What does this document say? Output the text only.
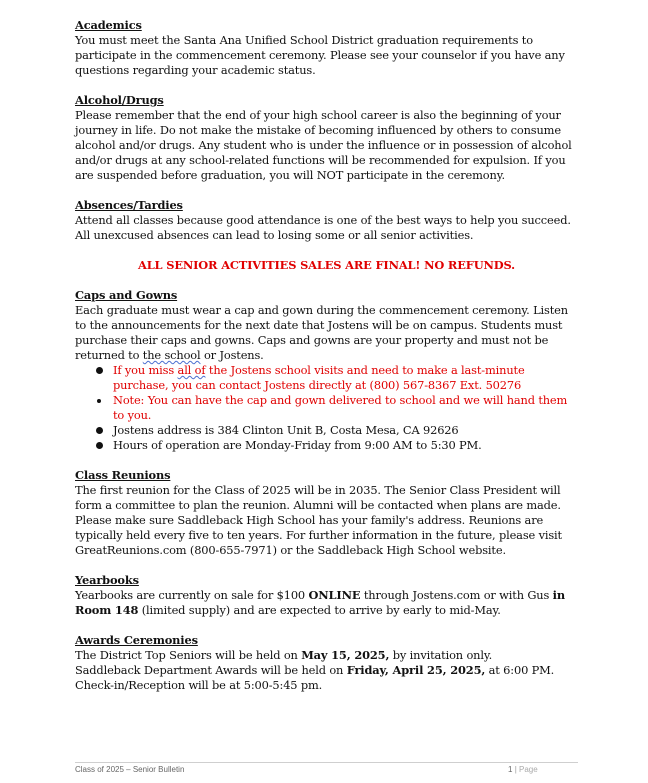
Academics

You must meet the Santa Ana Unified School District graduation requirements to participate in the commencement ceremony. Please see your counselor if you have any questions regarding your academic status.

Alcohol/Drugs

Please remember that the end of your high school career is also the beginning of your journey in life. Do not make the mistake of becoming influenced by others to consume alcohol and/or drugs. Any student who is under the influence or in possession of alcohol and/or drugs at any school-related functions will be recommended for expulsion. If you are suspended before graduation, you will NOT participate in the ceremony.

Absences/Tardies

Attend all classes because good attendance is one of the best ways to help you succeed. All unexcused absences can lead to losing some or all senior activities.

ALL SENIOR ACTIVITIES SALES ARE FINAL! NO REFUNDS.

Caps and Gowns

Each graduate must wear a cap and gown during the commencement ceremony. Listen to the announcements for the next date that Jostens will be on campus. Students must purchase their caps and gowns. Caps and gowns are your property and must not be returned to the school or Jostens.

If you miss all of the Jostens school visits and need to make a last-minute purchase, you can contact Jostens directly at (800) 567-8367 Ext. 50276
Note: You can have the cap and gown delivered to school and we will hand them to you.
Jostens address is 384 Clinton Unit B, Costa Mesa, CA 92626
Hours of operation are Monday-Friday from 9:00 AM to 5:30 PM.
Class Reunions

The first reunion for the Class of 2025 will be in 2035. The Senior Class President will form a committee to plan the reunion. Alumni will be contacted when plans are made. Please make sure Saddleback High School has your family's address. Reunions are typically held every five to ten years. For further information in the future, please visit GreatReunions.com (800-655-7971) or the Saddleback High School website.

Yearbooks

Yearbooks are currently on sale for $100 ONLINE through Jostens.com or with Gus in Room 148 (limited supply) and are expected to arrive by early to mid-May.

Awards Ceremonies

The District Top Seniors will be held on May 15, 2025, by invitation only.

Saddleback Department Awards will be held on Friday, April 25, 2025, at 6:00 PM. Check-in/Reception will be at 5:00-5:45 pm.

Class of 2025 – Senior Bulletin	1 | Page
